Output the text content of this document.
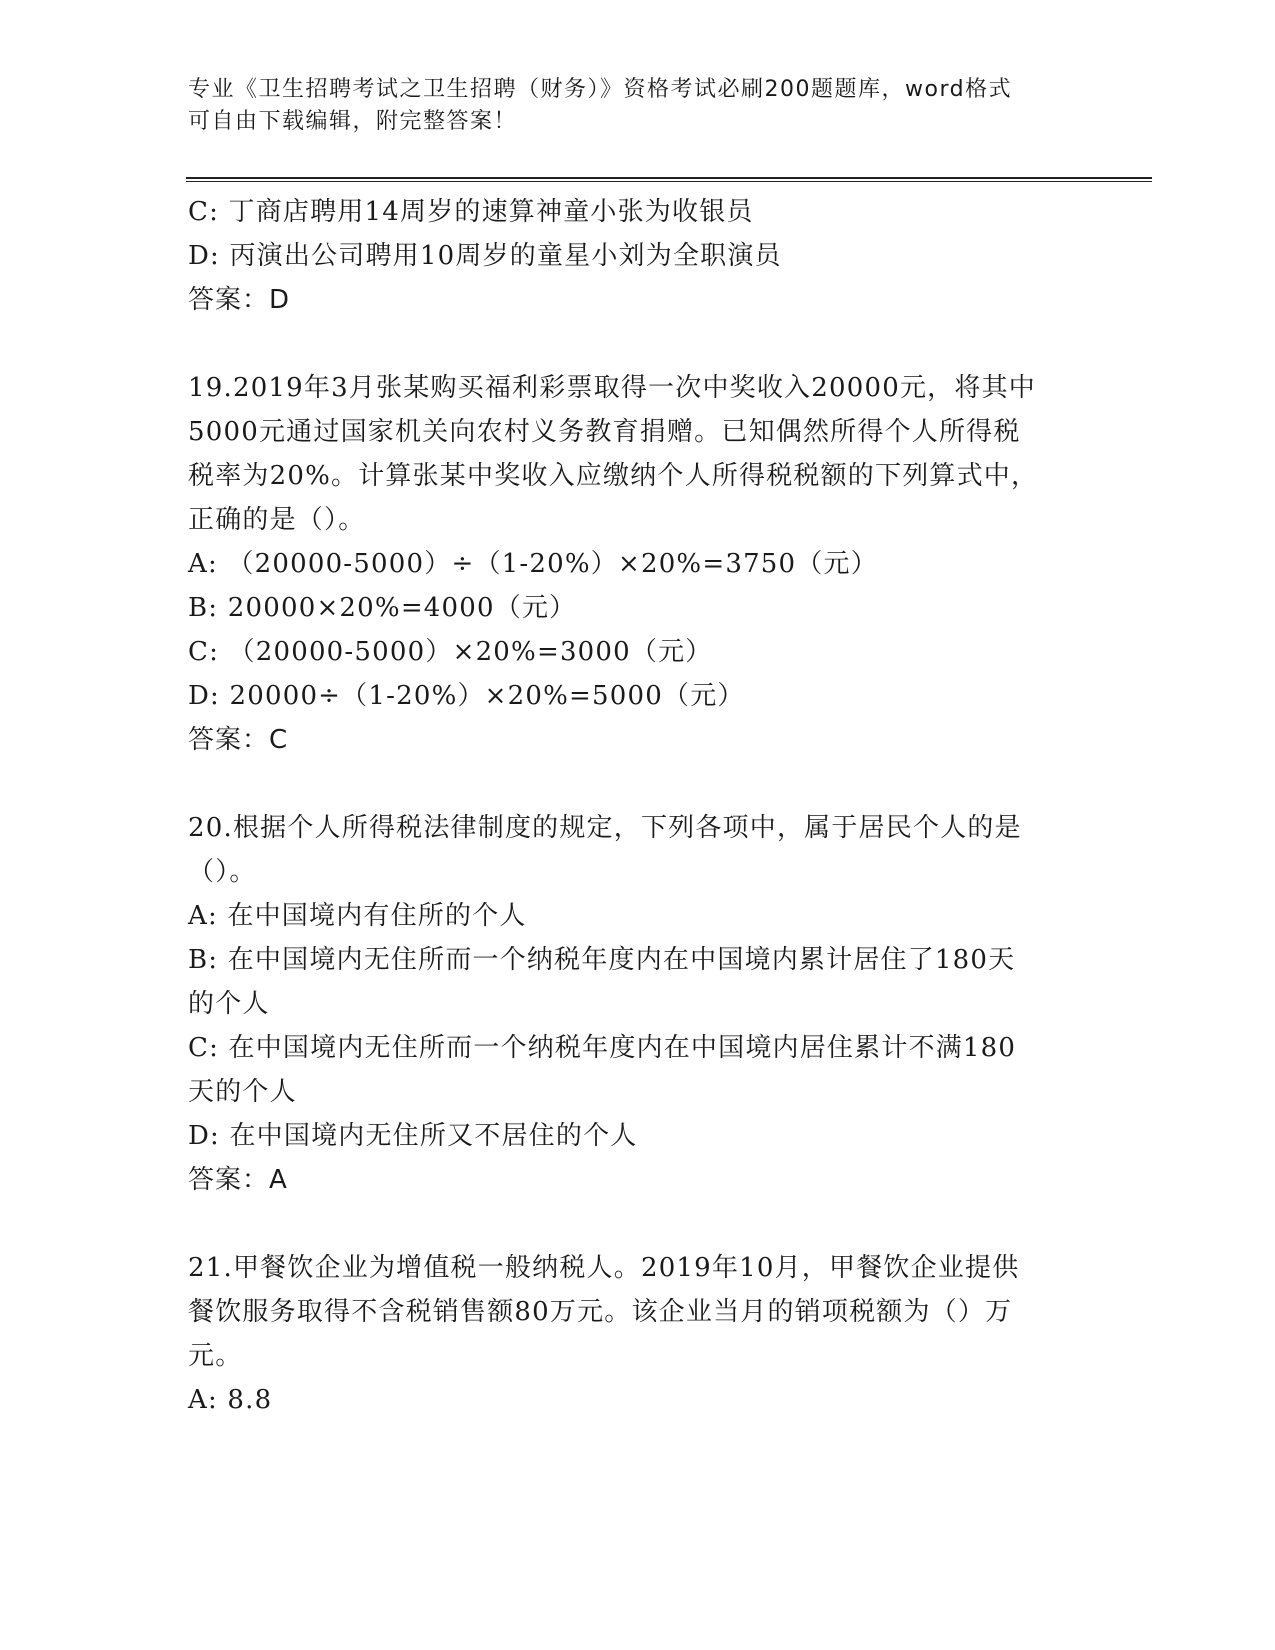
专业《卫生招聘考试之卫生招聘（财务）》资格考试必刷200题题库，word格式
可自由下载编辑，附完整答案！

C: 丁商店聘用14周岁的速算神童小张为收银员

D: 丙演出公司聘用10周岁的童星小刘为全职演员

答案：D

19.2019年3月张某购买福利彩票取得一次中奖收入20000元，将其中

5000元通过国家机关向农村义务教育捐赠。已知偶然所得个人所得税

税率为20%。计算张某中奖收入应缴纳个人所得税税额的下列算式中，

正确的是（）。

A: （20000-5000）÷（1-20%）×20%=3750（元）

B: 20000×20%=4000（元）

C: （20000-5000）×20%=3000（元）

D: 20000÷（1-20%）×20%=5000（元）

答案：C

20.根据个人所得税法律制度的规定，下列各项中，属于居民个人的是

（）。

A: 在中国境内有住所的个人

B: 在中国境内无住所而一个纳税年度内在中国境内累计居住了180天

的个人

C: 在中国境内无住所而一个纳税年度内在中国境内居住累计不满180

天的个人

D: 在中国境内无住所又不居住的个人

答案：A

21.甲餐饮企业为增值税一般纳税人。2019年10月，甲餐饮企业提供

餐饮服务取得不含税销售额80万元。该企业当月的销项税额为（）万

元。

A: 8.8
